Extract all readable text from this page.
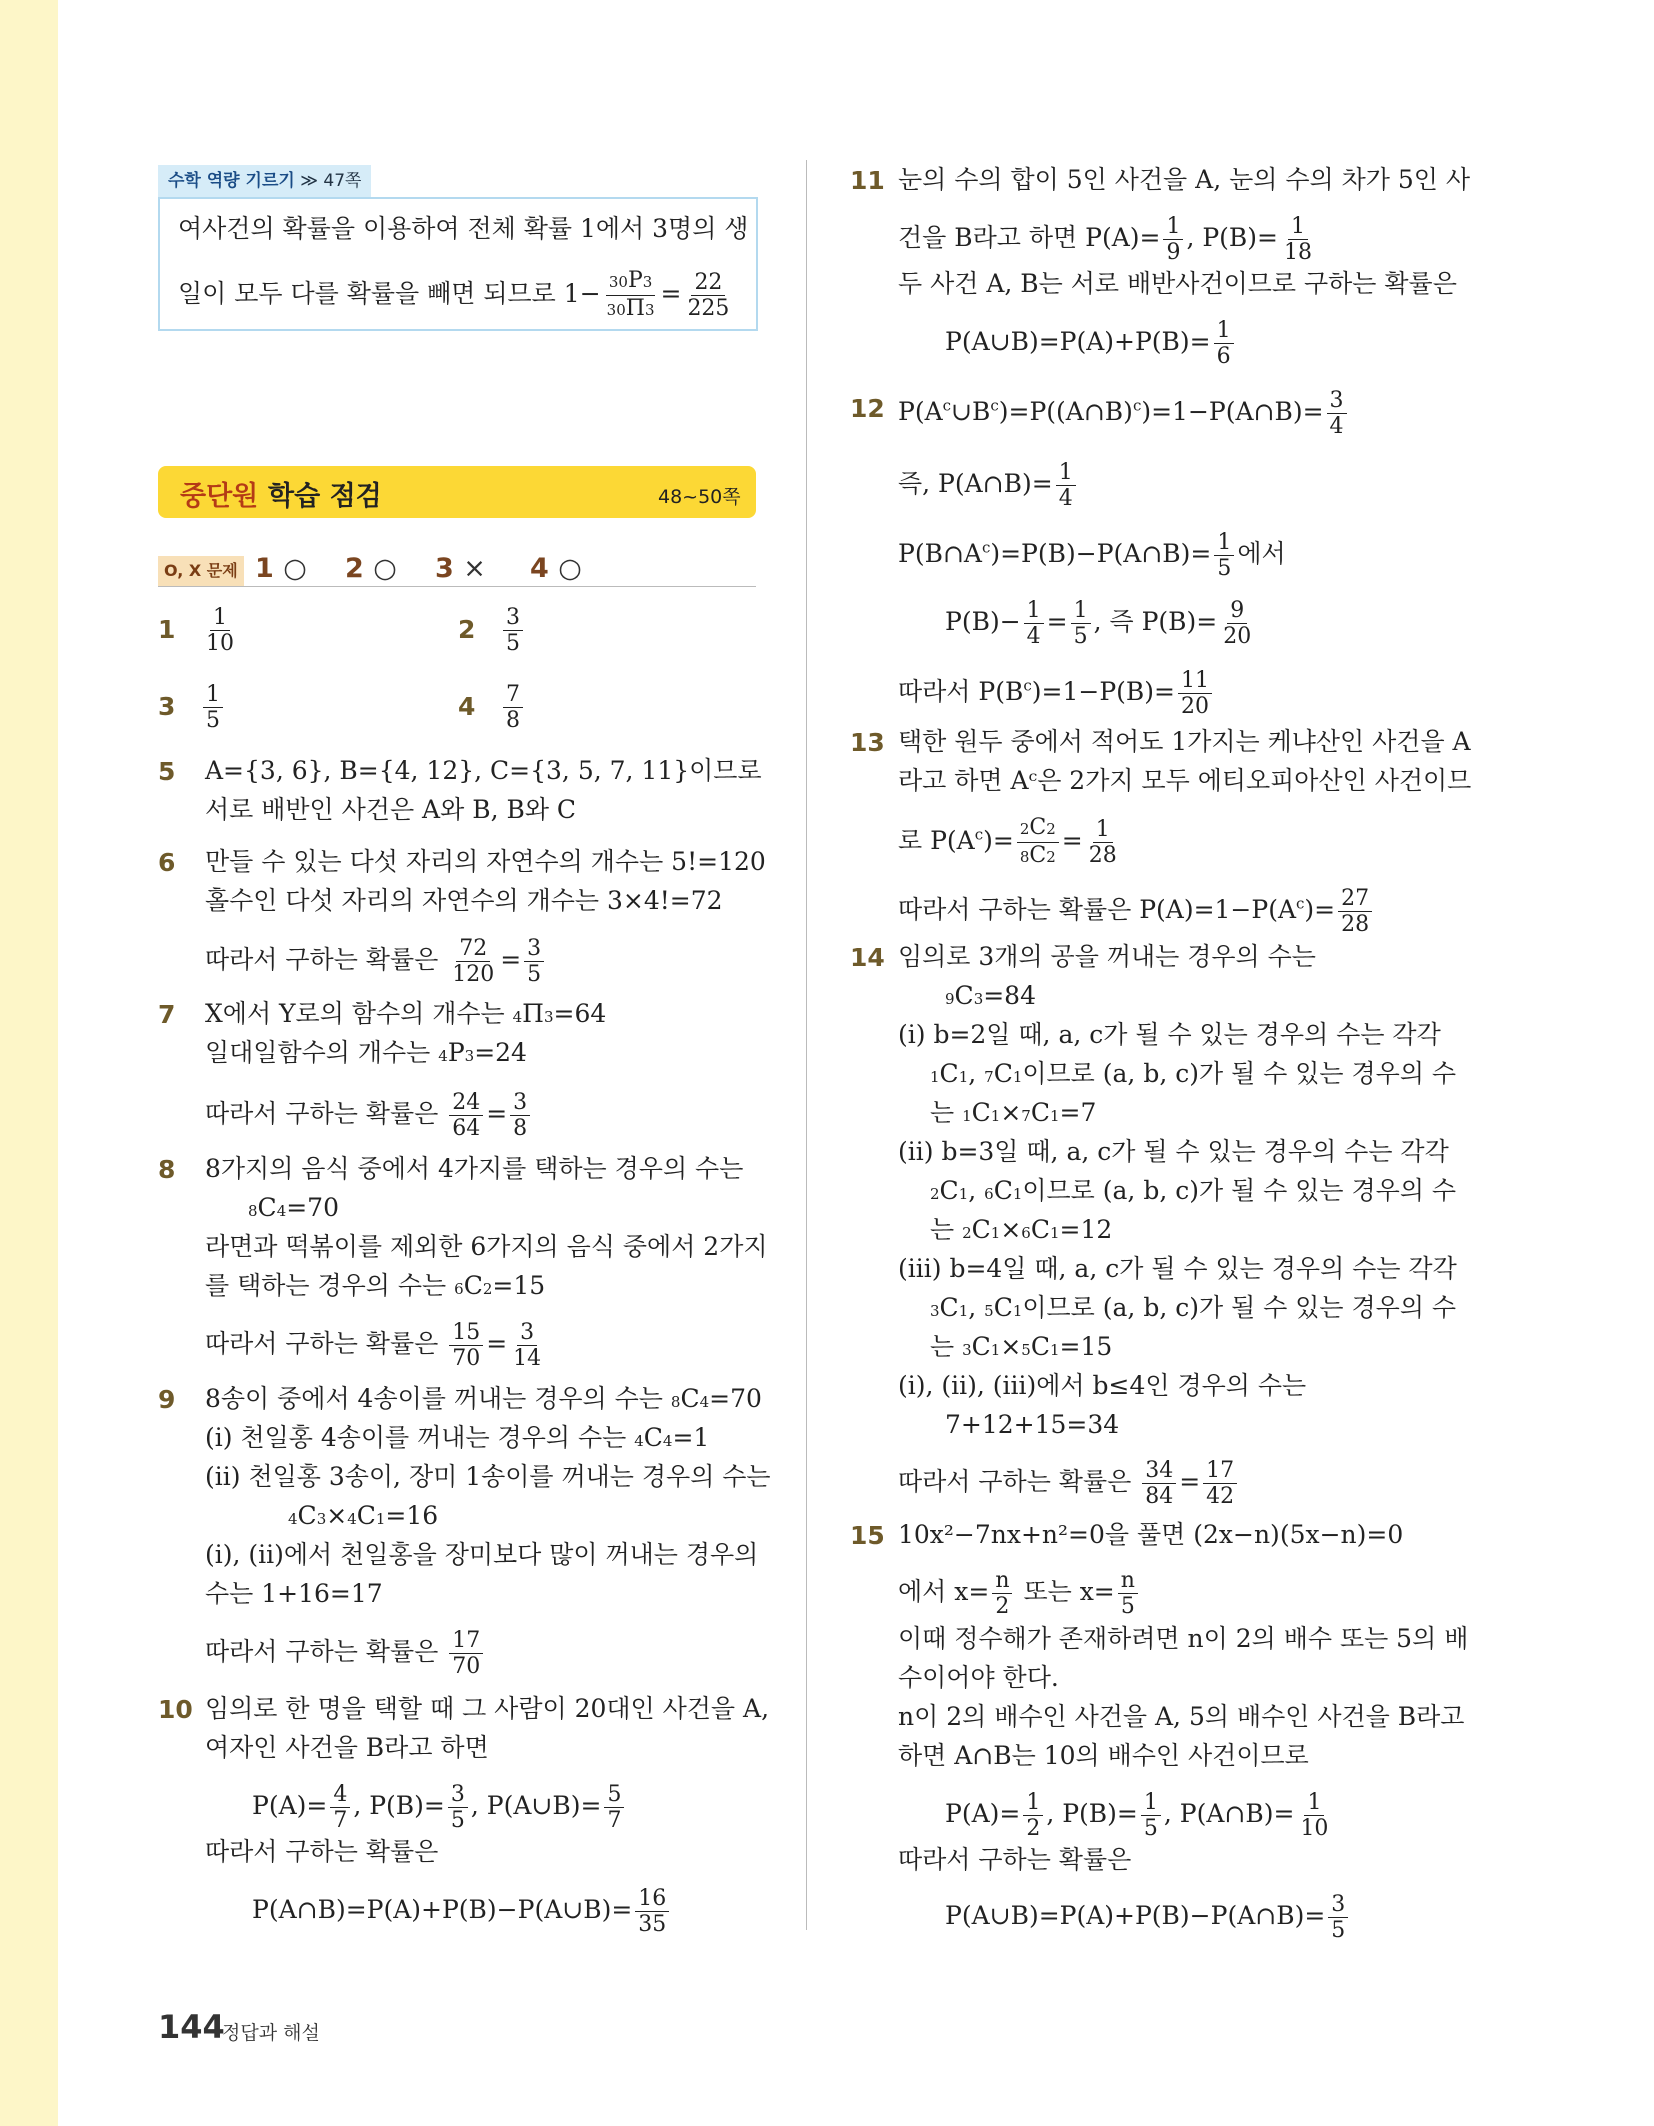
수학 역량 기르기 ≫ 47쪽
여사건의 확률을 이용하여 전체 확률 1에서 3명의 생
일이 모두 다를 확률을 빼면 되므로 $1- \frac{30P3}{30\Pi 3} = \frac{22}{225}$
중단원 학습 점검	48~50쪽
O, X 문제 1 ○ 2 ○ 3 × 4 ○
$1 \frac{1}{10}$	$2 \frac{3}{5}$
$3 \frac{1}{5}$	$4 \frac{7}{8}$
5 A={3, 6}, B={4, 12}, C={3, 5, 7, 11}이므로
서로 배반인 사건은 A와 B, B와 C
6 만들 수 있는 다섯 자리의 자연수의 개수는 5!=120
홀수인 다섯 자리의 자연수의 개수는 3×4!=72
따라서 구하는 확률은 $\frac{72}{120} = \frac{3}{5}$
7 X에서 Y로의 함수의 개수는 4Π3=64
일대일함수의 개수는 4P3=24
따라서 구하는 확률은 $\frac{24}{64} = \frac{3}{8}$
8 8가지의 음식 중에서 4가지를 택하는 경우의 수는
8C4=70
라면과 떡볶이를 제외한 6가지의 음식 중에서 2가지
를 택하는 경우의 수는 6C2=15
따라서 구하는 확률은 $\frac{15}{70} = \frac{3}{14}$
9 8송이 중에서 4송이를 꺼내는 경우의 수는 8C4=70
(ⅰ) 천일홍 4송이를 꺼내는 경우의 수는 4C4=1
(ⅱ) 천일홍 3송이, 장미 1송이를 꺼내는 경우의 수는
4C3×4C1=16
(ⅰ), (ⅱ)에서 천일홍을 장미보다 많이 꺼내는 경우의
수는 1+16=17
따라서 구하는 확률은 $\frac{17}{70}$
10 임의로 한 명을 택할 때 그 사람이 20대인 사건을 A,
여자인 사건을 B라고 하면
$P(A)= \frac{4}{7}$ , $P(B)= \frac{3}{5}$ , P(A∪B)= $\frac{5}{7}$
따라서 구하는 확률은
P(A∩B)=P(A)+P(B)−P(A∪B)= $\frac{16}{35}$
11 눈의 수의 합이 5인 사건을 A, 눈의 수의 차가 5인 사
건을 B라고 하면 $P(A)= \frac{1}{9}$ , $P(B)= \frac{1}{18}$
두 사건 A, B는 서로 배반사건이므로 구하는 확률은
P(A∪B)=P(A)+P(B)= $\frac{1}{6}$
12 $P(A^c\cup B^c)=P((A\cap B)^c)=1-P(A\cap B)= \frac{3}{4}$
즉, P(A∩B)= $\frac{1}{4}$
$P(B\cap A^c)=P(B)-P(A\cap B)= \frac{1}{5}$ 에서
$P(B)- \frac{1}{4} = \frac{1}{5}$ , 즉 $P(B)= \frac{9}{20}$
따라서 $P(B^c)=1-P(B)= \frac{11}{20}$
13 택한 원두 중에서 적어도 1가지는 케냐산인 사건을 A
라고 하면 Aᶜ은 2가지 모두 에티오피아산인 사건이므
로 $P(A^c)= \frac{2C2}{8C2} = \frac{1}{28}$
따라서 구하는 확률은 $P(A)=1-P(A^c)= \frac{27}{28}$
14 임의로 3개의 공을 꺼내는 경우의 수는
9C3=84
(ⅰ) b=2일 때, a, c가 될 수 있는 경우의 수는 각각
1C1, 7C1이므로 (a, b, c)가 될 수 있는 경우의 수
는 1C1×7C1=7
(ⅱ) b=3일 때, a, c가 될 수 있는 경우의 수는 각각
2C1, 6C1이므로 (a, b, c)가 될 수 있는 경우의 수
는 2C1×6C1=12
(ⅲ) b=4일 때, a, c가 될 수 있는 경우의 수는 각각
3C1, 5C1이므로 (a, b, c)가 될 수 있는 경우의 수
는 3C1×5C1=15
(ⅰ), (ⅱ), (ⅲ)에서 b≤4인 경우의 수는
7+12+15=34
따라서 구하는 확률은 $\frac{34}{84} = \frac{17}{42}$
15 10x²−7nx+n²=0을 풀면 (2x−n)(5x−n)=0
에서 $x= \frac{n}{2}$ 또는 $x= \frac{n}{5}$
이때 정수해가 존재하려면 n이 2의 배수 또는 5의 배
수이어야 한다.
n이 2의 배수인 사건을 A, 5의 배수인 사건을 B라고
하면 A∩B는 10의 배수인 사건이므로
$P(A)= \frac{1}{2}$ , $P(B)= \frac{1}{5}$ , P(A∩B)= $\frac{1}{10}$
따라서 구하는 확률은
P(A∪B)=P(A)+P(B)−P(A∩B)= $\frac{3}{5}$
144
정답과 해설
